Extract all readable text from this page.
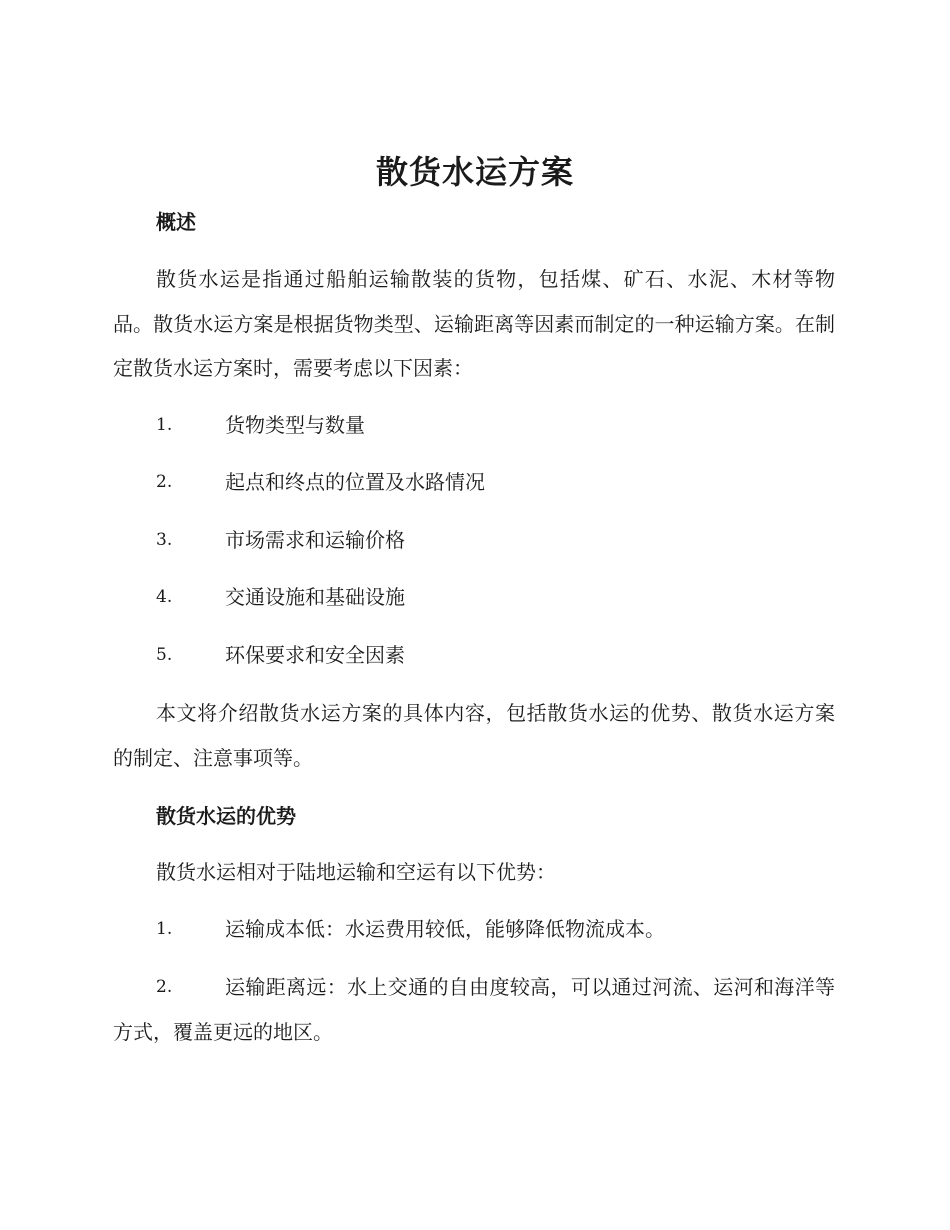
散货水运方案
概述
散货水运是指通过船舶运输散装的货物，包括煤、矿石、水泥、木材等物品。散货水运方案是根据货物类型、运输距离等因素而制定的一种运输方案。在制定散货水运方案时，需要考虑以下因素：
1.	货物类型与数量
2.	起点和终点的位置及水路情况
3.	市场需求和运输价格
4.	交通设施和基础设施
5.	环保要求和安全因素
本文将介绍散货水运方案的具体内容，包括散货水运的优势、散货水运方案的制定、注意事项等。
散货水运的优势
散货水运相对于陆地运输和空运有以下优势：
1.	运输成本低：水运费用较低，能够降低物流成本。
2.	运输距离远：水上交通的自由度较高，可以通过河流、运河和海洋等方式，覆盖更远的地区。
